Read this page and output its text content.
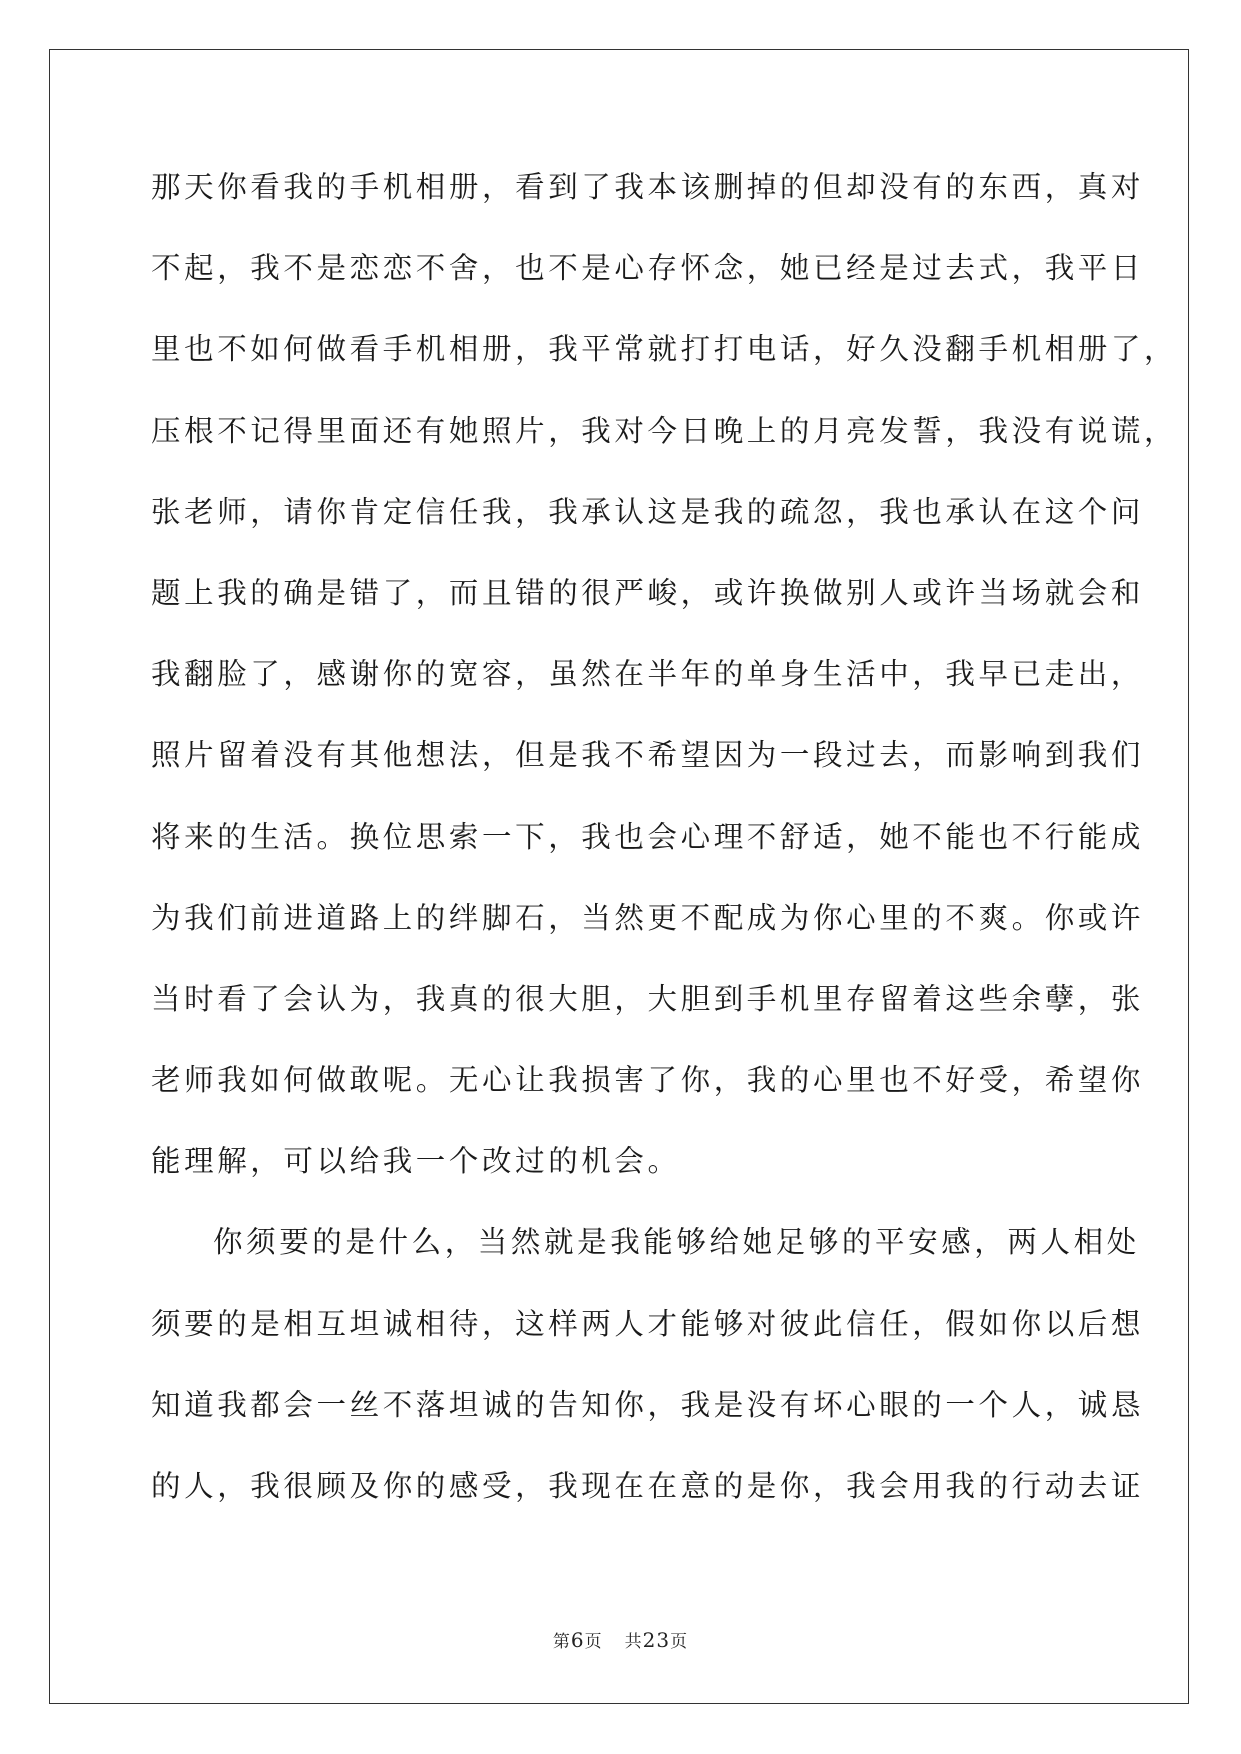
那天你看我的手机相册，看到了我本该删掉的但却没有的东西，真对
不起，我不是恋恋不舍，也不是心存怀念，她已经是过去式，我平日
里也不如何做看手机相册，我平常就打打电话，好久没翻手机相册了，
压根不记得里面还有她照片，我对今日晚上的月亮发誓，我没有说谎，
张老师，请你肯定信任我，我承认这是我的疏忽，我也承认在这个问
题上我的确是错了，而且错的很严峻，或许换做别人或许当场就会和
我翻脸了，感谢你的宽容，虽然在半年的单身生活中，我早已走出，
照片留着没有其他想法，但是我不希望因为一段过去，而影响到我们
将来的生活。换位思索一下，我也会心理不舒适，她不能也不行能成
为我们前进道路上的绊脚石，当然更不配成为你心里的不爽。你或许
当时看了会认为，我真的很大胆，大胆到手机里存留着这些余孽，张
老师我如何做敢呢。无心让我损害了你，我的心里也不好受，希望你
能理解，可以给我一个改过的机会。
你须要的是什么，当然就是我能够给她足够的平安感，两人相处
须要的是相互坦诚相待，这样两人才能够对彼此信任，假如你以后想
知道我都会一丝不落坦诚的告知你，我是没有坏心眼的一个人，诚恳
的人，我很顾及你的感受，我现在在意的是你，我会用我的行动去证
第6页 共23页
